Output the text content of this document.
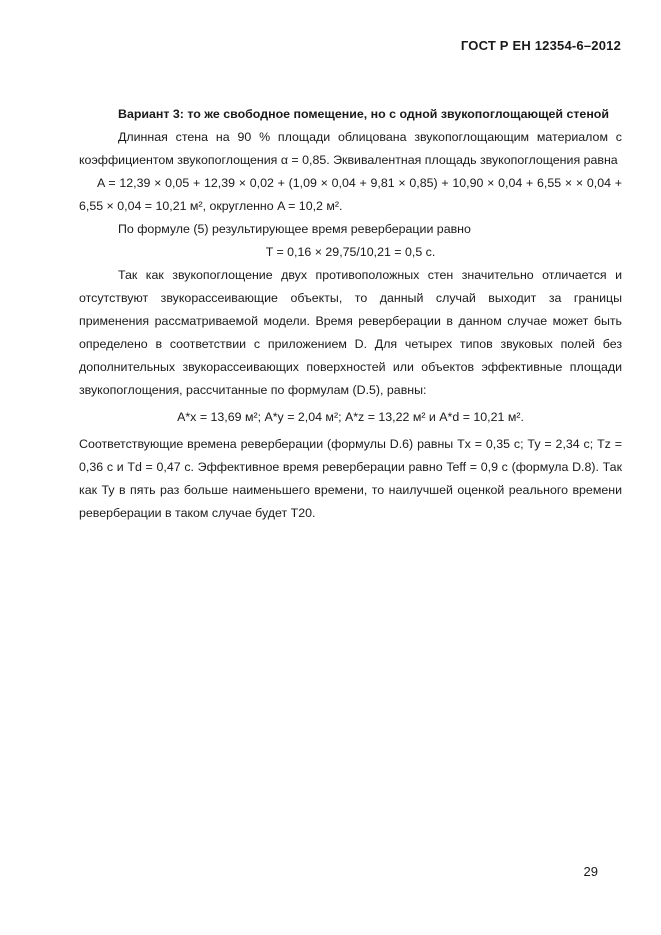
ГОСТ Р ЕН 12354-6–2012

Вариант 3: то же свободное помещение, но с одной звукопоглощающей стеной

Длинная стена на 90 % площади облицована звукопоглощающим материалом с коэффициентом звукопоглощения α = 0,85. Эквивалентная площадь звукопоглощения равна

A = 12,39 × 0,05 + 12,39 × 0,02 + (1,09 × 0,04 + 9,81 × 0,85) + 10,90 × 0,04 + 6,55 × × 0,04 + 6,55 × 0,04 = 10,21 м², округленно A = 10,2 м².

По формуле (5) результирующее время реверберации равно

T = 0,16 × 29,75/10,21 = 0,5 с.

Так как звукопоглощение двух противоположных стен значительно отличается и отсутствуют звукорассеивающие объекты, то данный случай выходит за границы применения рассматриваемой модели. Время реверберации в данном случае может быть определено в соответствии с приложением D. Для четырех типов звуковых полей без дополнительных звукорассеивающих поверхностей или объектов эффективные площади звукопоглощения, рассчитанные по формулам (D.5), равны:

A*x = 13,69 м²; A*y = 2,04 м²; A*z = 13,22 м² и A*d = 10,21 м².

Соответствующие времена реверберации (формулы D.6) равны Tx = 0,35 с; Ty = 2,34 с; Tz = 0,36 с и Td = 0,47 с. Эффективное время реверберации равно Teff = 0,9 с (формула D.8). Так как Ty в пять раз больше наименьшего времени, то наилучшей оценкой реального времени реверберации в таком случае будет T20.

29
